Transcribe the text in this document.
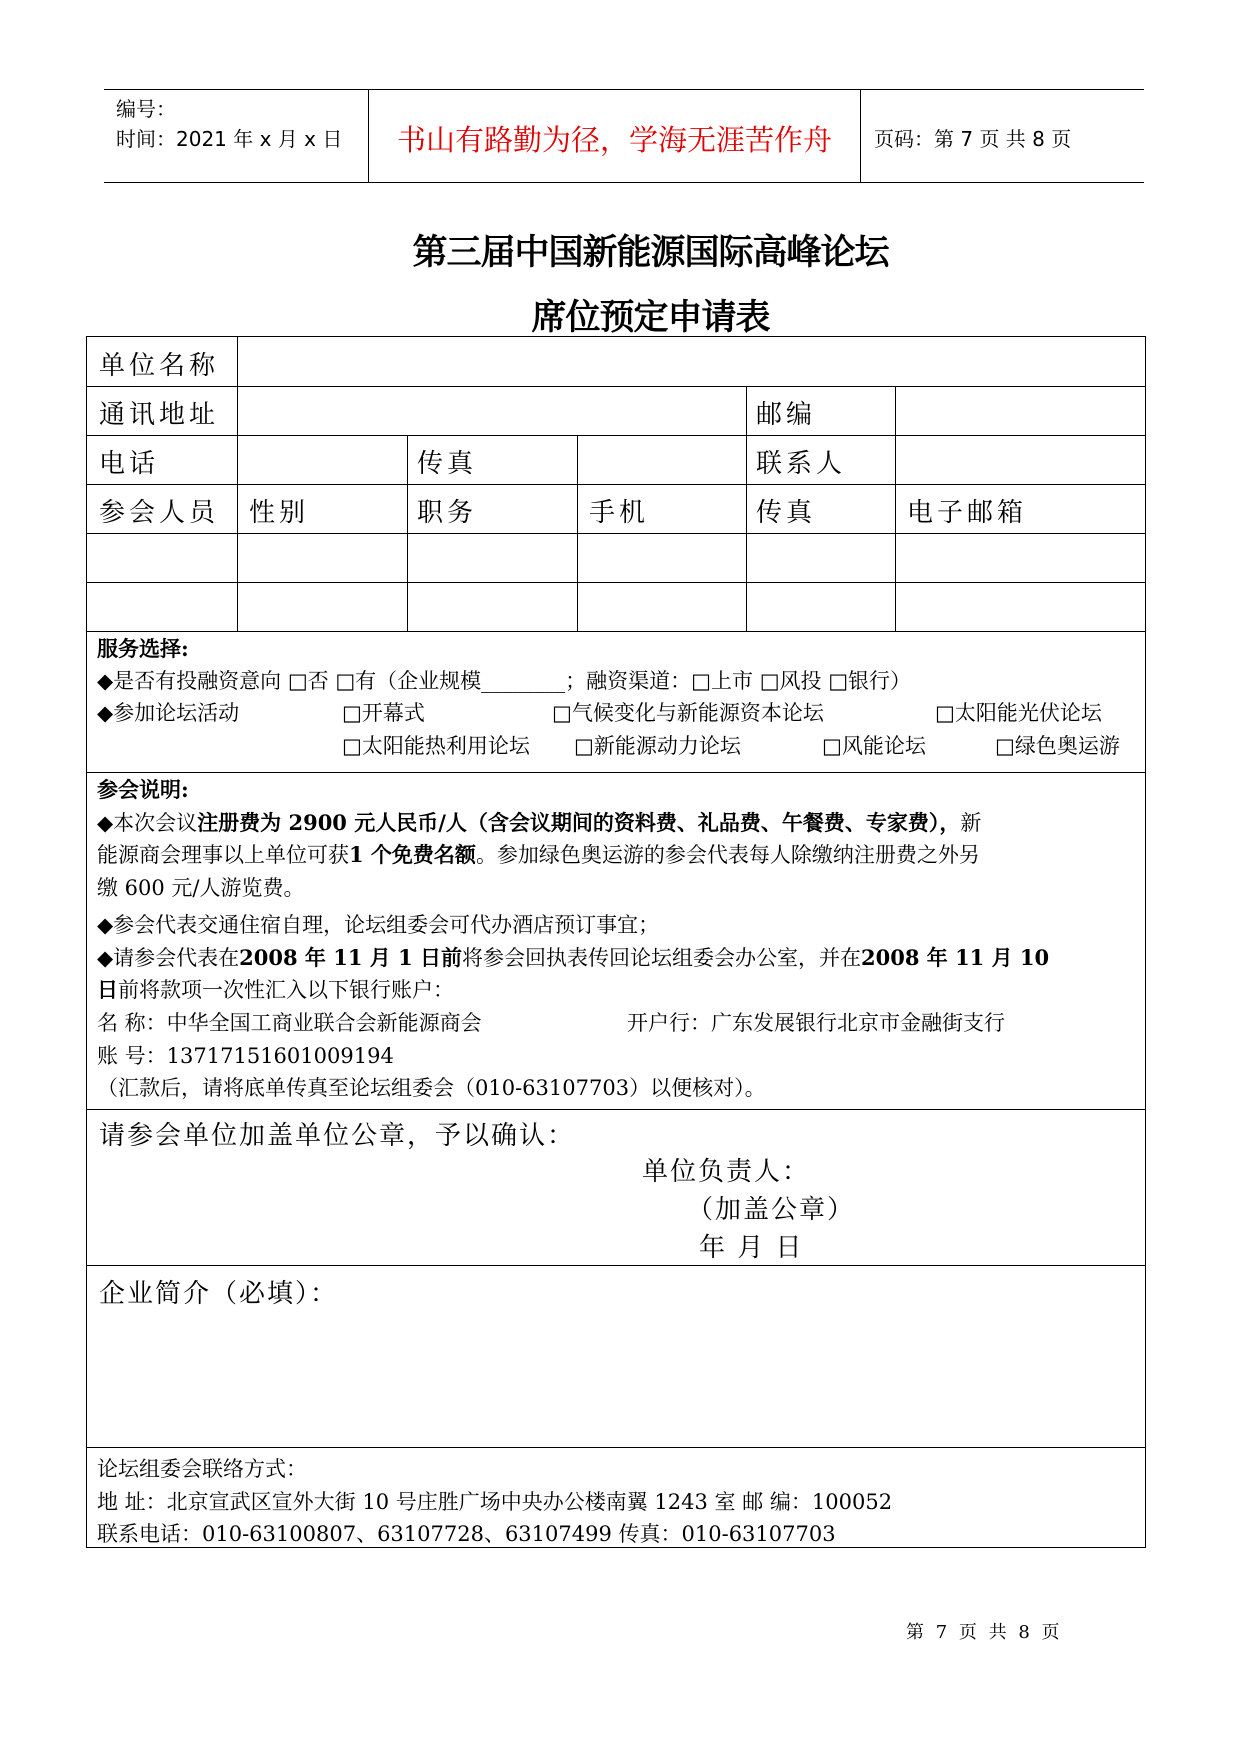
编号：
时间：2021 年 x 月 x 日	书山有路勤为径，学海无涯苦作舟	页码：第 7 页 共 8 页
第三届中国新能源国际高峰论坛
席位预定申请表
单位名称
通讯地址	邮编
电话	传真	联系人
参会人员 性别	职务	手机	传真	电子邮箱
服务选择:
◆是否有投融资意向 □否 □有（企业规模________；融资渠道：□上市 □风投 □银行）
◆参加论坛活动	□开幕式	□气候变化与新能源资本论坛	□太阳能光伏论坛
□太阳能热利用论坛 □新能源动力论坛	□风能论坛	□绿色奥运游
参会说明:
◆本次会议注册费为 2900 元人民币/人（含会议期间的资料费、礼品费、午餐费、专家费），新
能源商会理事以上单位可获1 个免费名额。参加绿色奥运游的参会代表每人除缴纳注册费之外另
缴 600 元/人游览费。
◆参会代表交通住宿自理，论坛组委会可代办酒店预订事宜；
◆请参会代表在2008 年 11 月 1 日前将参会回执表传回论坛组委会办公室，并在2008 年 11 月 10
日前将款项一次性汇入以下银行账户：
名 称：中华全国工商业联合会新能源商会	开户行：广东发展银行北京市金融街支行
账 号：13717151601009194
（汇款后，请将底单传真至论坛组委会（010-63107703）以便核对）。
请参会单位加盖单位公章，予以确认：
单位负责人：
（加盖公章）
年 月 日
企业简介（必填）：
论坛组委会联络方式：
地 址：北京宣武区宣外大街 10 号庄胜广场中央办公楼南翼 1243 室 邮 编：100052
联系电话：010-63100807、63107728、63107499 传真：010-63107703
第 7 页 共 8 页
